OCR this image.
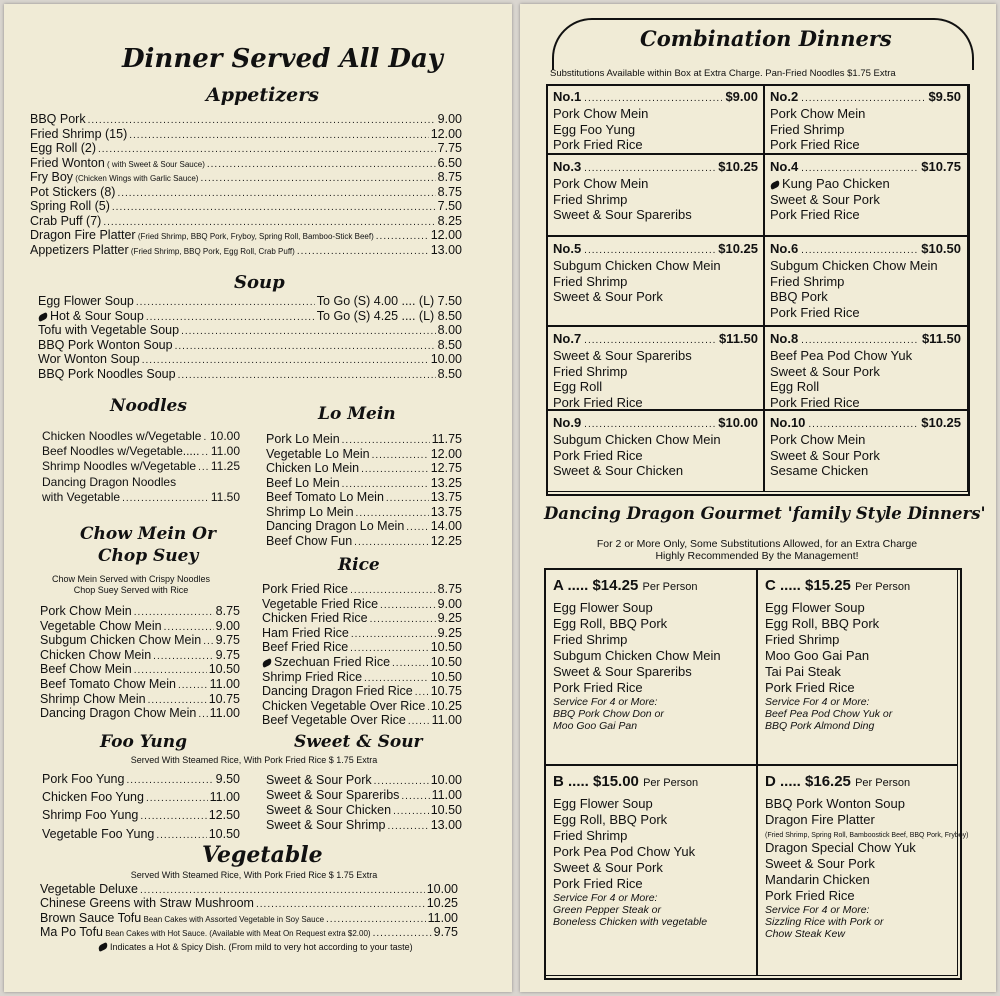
Dinner Served All Day
Appetizers
BBQ Pork .....	9.00
Fried Shrimp (15) .....	12.00
Egg Roll (2) .....	7.75
Fried Wonton ( with Sweet & Sour Sauce) .....	6.50
Fry Boy (Chicken Wings with Garlic Sauce) .....	8.75
Pot Stickers (8) .....	8.75
Spring Roll (5) .....	7.50
Crab Puff (7) .....	8.25
Dragon Fire Platter (Fried Shrimp, BBQ Pork, Fryboy, Spring Roll, Bamboo-Stick Beef) .....	12.00
Appetizers Platter (Fried Shrimp, BBQ Pork, Egg Roll, Crab Puff) .....	13.00
Soup
Egg Flower Soup .....	To Go (S) 4.00 .... (L) 7.50
Hot & Sour Soup .....	To Go (S) 4.25 .... (L) 8.50
Tofu with Vegetable Soup .....	8.00
BBQ Pork Wonton Soup .....	8.50
Wor Wonton Soup .....	10.00
BBQ Pork Noodles Soup .....	8.50
Noodles	Lo Mein
Chicken Noodles w/Vegetable ..... 10.00
Beef Noodles w/Vegetable..... ..... 11.00
Shrimp Noodles w/Vegetable ..... 11.25
Dancing Dragon Noodles
with Vegetable .....	11.50
Pork Lo Mein .....	11.75
Vegetable Lo Mein .....	12.00
Chicken Lo Mein .....	12.75
Beef Lo Mein .....	13.25
Beef Tomato Lo Mein .....	13.75
Shrimp Lo Mein .....	13.75
Dancing Dragon Lo Mein ..... 14.00
Beef Chow Fun .....	12.25
Chow Mein Or
Chop Suey
Chow Mein Served with Crispy Noodles
Chop Suey Served with Rice
Pork Chow Mein .....	8.75
Vegetable Chow Mein .....	9.00
Subgum Chicken Chow Mein ..... 9.75
Chicken Chow Mein .....	9.75
Beef Chow Mein .....	10.50
Beef Tomato Chow Mein .....	11.00
Shrimp Chow Mein .....	10.75
Dancing Dragon Chow Mein ..... 11.00
Rice
Pork Fried Rice .....	8.75
Vegetable Fried Rice .....	9.00
Chicken Fried Rice .....	9.25
Ham Fried Rice .....	9.25
Beef Fried Rice .....	10.50
Szechuan Fried Rice .....	10.50
Shrimp Fried Rice .....	10.50
Dancing Dragon Fried Rice ..... 10.75
Chicken Vegetable Over Rice ..... 10.25
Beef Vegetable Over Rice ..... 11.00
Foo Yung	Sweet & Sour
Served With Steamed Rice, With Pork Fried Rice $ 1.75 Extra
Pork Foo Yung .....	9.50
Chicken Foo Yung .....	11.00
Shrimp Foo Yung .....	12.50
Vegetable Foo Yung .....	10.50
Sweet & Sour Pork .....	10.00
Sweet & Sour Spareribs .....	11.00
Sweet & Sour Chicken .....	10.50
Sweet & Sour Shrimp .....	13.00
Vegetable
Served With Steamed Rice, With Pork Fried Rice $ 1.75 Extra
Vegetable Deluxe .....	10.00
Chinese Greens with Straw Mushroom .....	10.25
Brown Sauce Tofu Bean Cakes with Assorted Vegetable in Soy Sauce .....	11.00
Ma Po Tofu Bean Cakes with Hot Sauce. (Available with Meat On Request extra $2.00) .....	9.75
Indicates a Hot & Spicy Dish. (From mild to very hot according to your taste)
Combination Dinners
Substitutions Available within Box at Extra Charge. Pan-Fried Noodles $1.75 Extra
No.1 .....	$9.00
Pork Chow Mein
Egg Foo Yung
Pork Fried Rice
No.2 .....	$9.50
Pork Chow Mein
Fried Shrimp
Pork Fried Rice
No.3 .....	$10.25
Pork Chow Mein
Fried Shrimp
Sweet & Sour Spareribs
No.4 .....	$10.75
Kung Pao Chicken
Sweet & Sour Pork
Pork Fried Rice
No.5 .....	$10.25
Subgum Chicken Chow Mein
Fried Shrimp
Sweet & Sour Pork
No.6 .....	$10.50
Subgum Chicken Chow Mein
Fried Shrimp
BBQ Pork
Pork Fried Rice
No.7 .....	$11.50
Sweet & Sour Spareribs
Fried Shrimp
Egg Roll
Pork Fried Rice
No.8 .....	$11.50
Beef Pea Pod Chow Yuk
Sweet & Sour Pork
Egg Roll
Pork Fried Rice
No.9 .....	$10.00
Subgum Chicken Chow Mein
Pork Fried Rice
Sweet & Sour Chicken
No.10 .....	$10.25
Pork Chow Mein
Sweet & Sour Pork
Sesame Chicken
Dancing Dragon Gourmet 'family Style Dinners'
For 2 or More Only, Some Substitutions Allowed, for an Extra Charge
Highly Recommended By the Management!
A ..... $14.25 Per Person
Egg Flower Soup
Egg Roll, BBQ Pork
Fried Shrimp
Subgum Chicken Chow Mein
Sweet & Sour Spareribs
Pork Fried Rice
Service For 4 or More:
BBQ Pork Chow Don or
Moo Goo Gai Pan
C ..... $15.25 Per Person
Egg Flower Soup
Egg Roll, BBQ Pork
Fried Shrimp
Moo Goo Gai Pan
Tai Pai Steak
Pork Fried Rice
Service For 4 or More:
Beef Pea Pod Chow Yuk or
BBQ Pork Almond Ding
B ..... $15.00 Per Person
Egg Flower Soup
Egg Roll, BBQ Pork
Fried Shrimp
Pork Pea Pod Chow Yuk
Sweet & Sour Pork
Pork Fried Rice
Service For 4 or More:
Green Pepper Steak or
Boneless Chicken with vegetable
D ..... $16.25 Per Person
BBQ Pork Wonton Soup
Dragon Fire Platter
(Fried Shrimp, Spring Roll, Bamboostick Beef, BBQ Pork, Fryboy)
Dragon Special Chow Yuk
Sweet & Sour Pork
Mandarin Chicken
Pork Fried Rice
Service For 4 or More:
Sizzling Rice with Pork or
Chow Steak Kew
